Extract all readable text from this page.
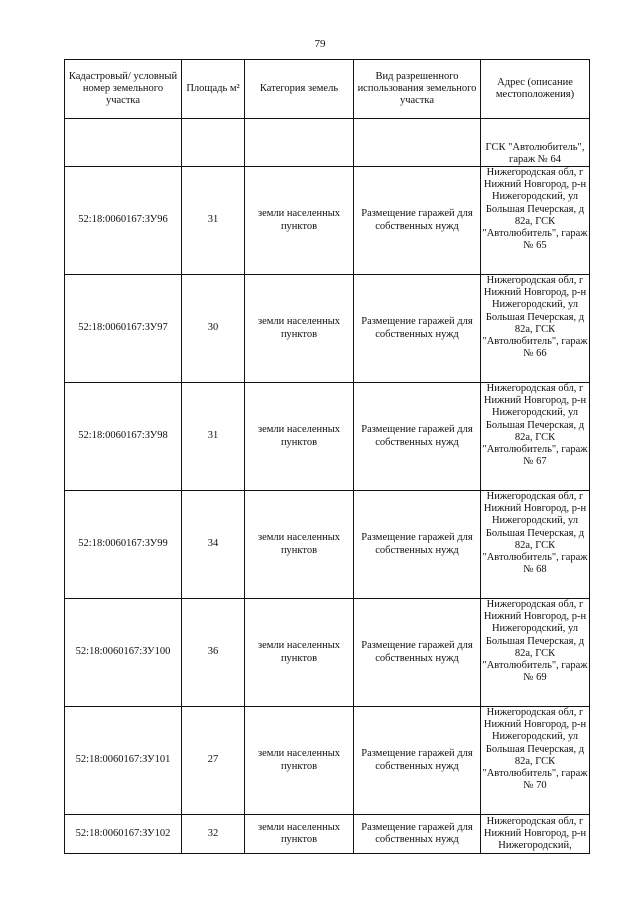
79
Кадастровый/ условный номер земельного участка	Площадь м²	Категория земель	Вид разрешенного использования земельного участка	Адрес (описание местоположения)
				ГСК "Автолюбитель", гараж № 64
52:18:0060167:ЗУ96	31	земли населенных пунктов	Размещение гаражей для собственных нужд	Нижегородская обл, г Нижний Новгород, р-н Нижегородский, ул Большая Печерская, д 82а, ГСК "Автолюбитель", гараж № 65
52:18:0060167:ЗУ97	30	земли населенных пунктов	Размещение гаражей для собственных нужд	Нижегородская обл, г Нижний Новгород, р-н Нижегородский, ул Большая Печерская, д 82а, ГСК "Автолюбитель", гараж № 66
52:18:0060167:ЗУ98	31	земли населенных пунктов	Размещение гаражей для собственных нужд	Нижегородская обл, г Нижний Новгород, р-н Нижегородский, ул Большая Печерская, д 82а, ГСК "Автолюбитель", гараж № 67
52:18:0060167:ЗУ99	34	земли населенных пунктов	Размещение гаражей для собственных нужд	Нижегородская обл, г Нижний Новгород, р-н Нижегородский, ул Большая Печерская, д 82а, ГСК "Автолюбитель", гараж № 68
52:18:0060167:ЗУ100	36	земли населенных пунктов	Размещение гаражей для собственных нужд	Нижегородская обл, г Нижний Новгород, р-н Нижегородский, ул Большая Печерская, д 82а, ГСК "Автолюбитель", гараж № 69
52:18:0060167:ЗУ101	27	земли населенных пунктов	Размещение гаражей для собственных нужд	Нижегородская обл, г Нижний Новгород, р-н Нижегородский, ул Большая Печерская, д 82а, ГСК "Автолюбитель", гараж № 70
52:18:0060167:ЗУ102	32	земли населенных пунктов	Размещение гаражей для собственных нужд	Нижегородская обл, г Нижний Новгород, р-н Нижегородский,
